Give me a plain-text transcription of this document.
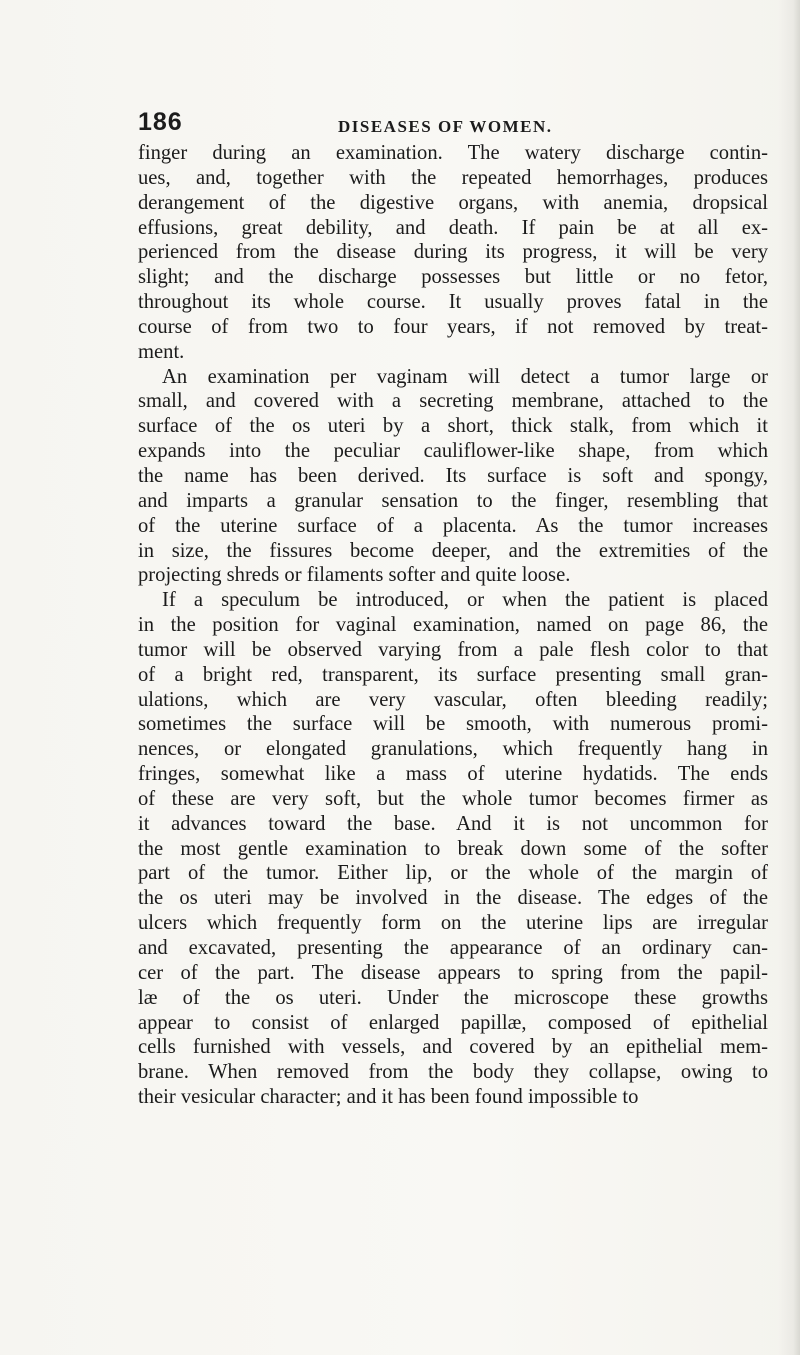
186	DISEASES OF WOMEN.

finger during an examination. The watery discharge contin-
ues, and, together with the repeated hemorrhages, produces
derangement of the digestive organs, with anemia, dropsical
effusions, great debility, and death. If pain be at all ex-
perienced from the disease during its progress, it will be very
slight; and the discharge possesses but little or no fetor,
throughout its whole course. It usually proves fatal in the
course of from two to four years, if not removed by treat-
ment.

An examination per vaginam will detect a tumor large or
small, and covered with a secreting membrane, attached to the
surface of the os uteri by a short, thick stalk, from which it
expands into the peculiar cauliflower-like shape, from which
the name has been derived. Its surface is soft and spongy,
and imparts a granular sensation to the finger, resembling that
of the uterine surface of a placenta. As the tumor increases
in size, the fissures become deeper, and the extremities of the
projecting shreds or filaments softer and quite loose.

If a speculum be introduced, or when the patient is placed
in the position for vaginal examination, named on page 86, the
tumor will be observed varying from a pale flesh color to that
of a bright red, transparent, its surface presenting small gran-
ulations, which are very vascular, often bleeding readily;
sometimes the surface will be smooth, with numerous promi-
nences, or elongated granulations, which frequently hang in
fringes, somewhat like a mass of uterine hydatids. The ends
of these are very soft, but the whole tumor becomes firmer as
it advances toward the base. And it is not uncommon for
the most gentle examination to break down some of the softer
part of the tumor. Either lip, or the whole of the margin of
the os uteri may be involved in the disease. The edges of the
ulcers which frequently form on the uterine lips are irregular
and excavated, presenting the appearance of an ordinary can-
cer of the part. The disease appears to spring from the papil-
læ of the os uteri. Under the microscope these growths
appear to consist of enlarged papillæ, composed of epithelial
cells furnished with vessels, and covered by an epithelial mem-
brane. When removed from the body they collapse, owing to
their vesicular character; and it has been found impossible to
